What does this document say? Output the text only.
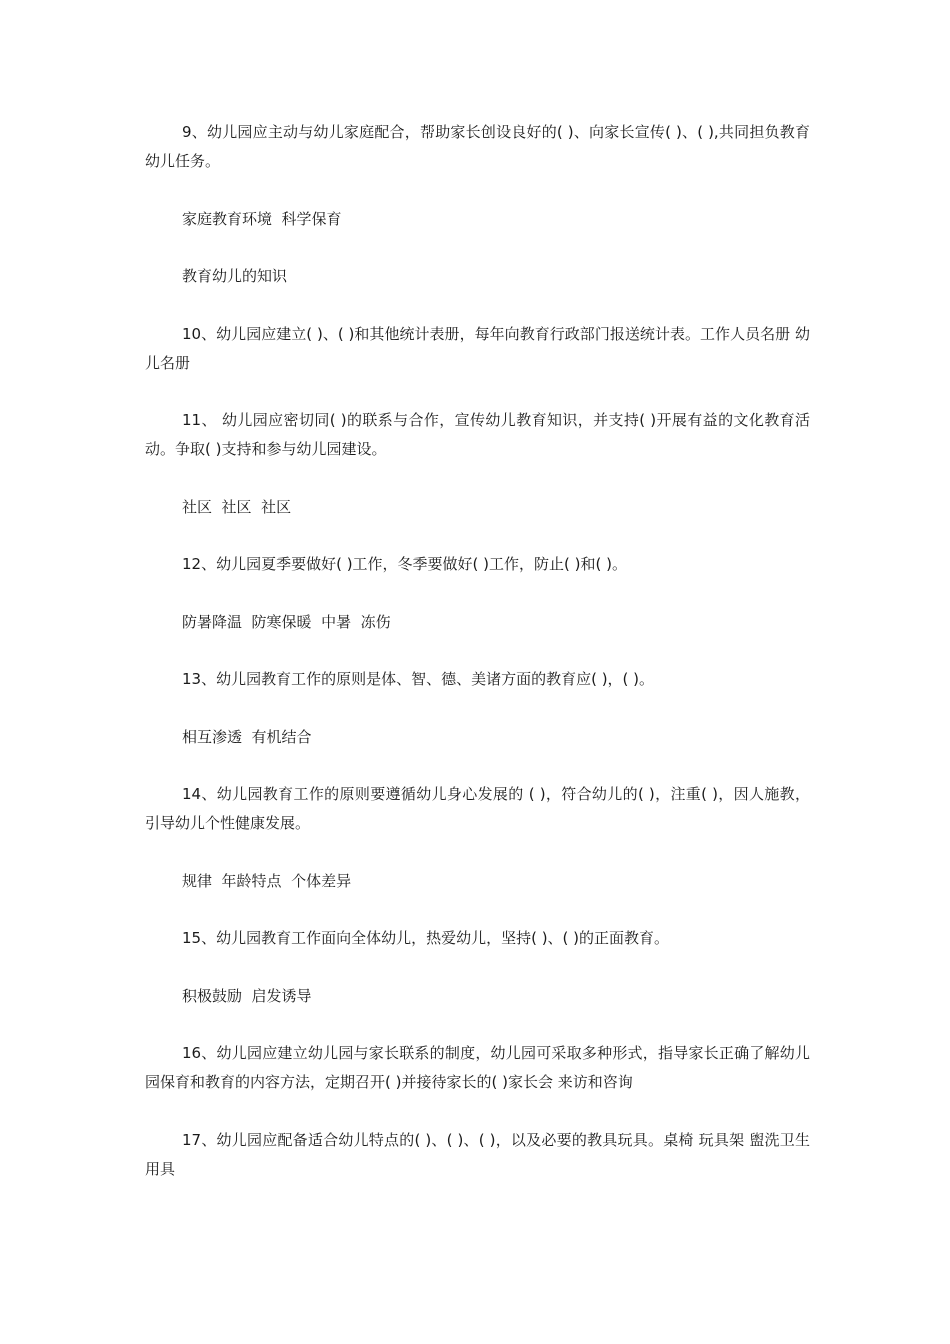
9、幼儿园应主动与幼儿家庭配合，帮助家长创设良好的( )、向家长宣传( )、( ),共同担负教育幼儿任务。

家庭教育环境  科学保育

教育幼儿的知识

10、幼儿园应建立( )、( )和其他统计表册，每年向教育行政部门报送统计表。工作人员名册 幼儿名册

11、 幼儿园应密切同( )的联系与合作，宣传幼儿教育知识，并支持( )开展有益的文化教育活动。争取( )支持和参与幼儿园建设。

社区  社区  社区

12、幼儿园夏季要做好( )工作，冬季要做好( )工作，防止( )和( )。

防暑降温  防寒保暖  中暑  冻伤

13、幼儿园教育工作的原则是体、智、德、美诸方面的教育应( )，( )。

相互渗透  有机结合

14、幼儿园教育工作的原则要遵循幼儿身心发展的 ( )，符合幼儿的( )，注重( )，因人施教，引导幼儿个性健康发展。

规律  年龄特点  个体差异

15、幼儿园教育工作面向全体幼儿，热爱幼儿，坚持( )、( )的正面教育。

积极鼓励  启发诱导

16、幼儿园应建立幼儿园与家长联系的制度，幼儿园可采取多种形式，指导家长正确了解幼儿园保育和教育的内容方法，定期召开( )并接待家长的( )家长会 来访和咨询

17、幼儿园应配备适合幼儿特点的( )、( )、( )，以及必要的教具玩具。桌椅 玩具架 盥洗卫生用具
